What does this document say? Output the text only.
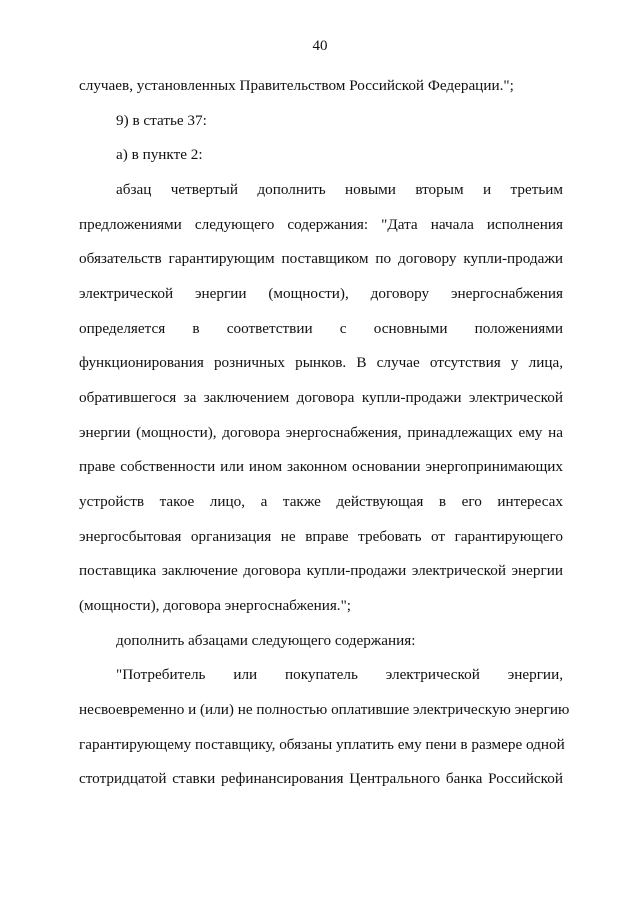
40
случаев, установленных Правительством Российской Федерации.";
9) в статье 37:
а) в пункте 2:
абзац четвертый дополнить новыми вторым и третьим
предложениями следующего содержания: "Дата начала исполнения
обязательств гарантирующим поставщиком по договору купли-продажи
электрической энергии (мощности), договору энергоснабжения
определяется в соответствии с основными положениями
функционирования розничных рынков. В случае отсутствия у лица,
обратившегося за заключением договора купли-продажи электрической
энергии (мощности), договора энергоснабжения, принадлежащих ему на
праве собственности или ином законном основании энергопринимающих
устройств такое лицо, а также действующая в его интересах
энергосбытовая организация не вправе требовать от гарантирующего
поставщика заключение договора купли-продажи электрической энергии
(мощности), договора энергоснабжения.";
дополнить абзацами следующего содержания:
"Потребитель или покупатель электрической энергии,
несвоевременно и (или) не полностью оплатившие электрическую энергию
гарантирующему поставщику, обязаны уплатить ему пени в размере одной
стотридцатой ставки рефинансирования Центрального банка Российской
